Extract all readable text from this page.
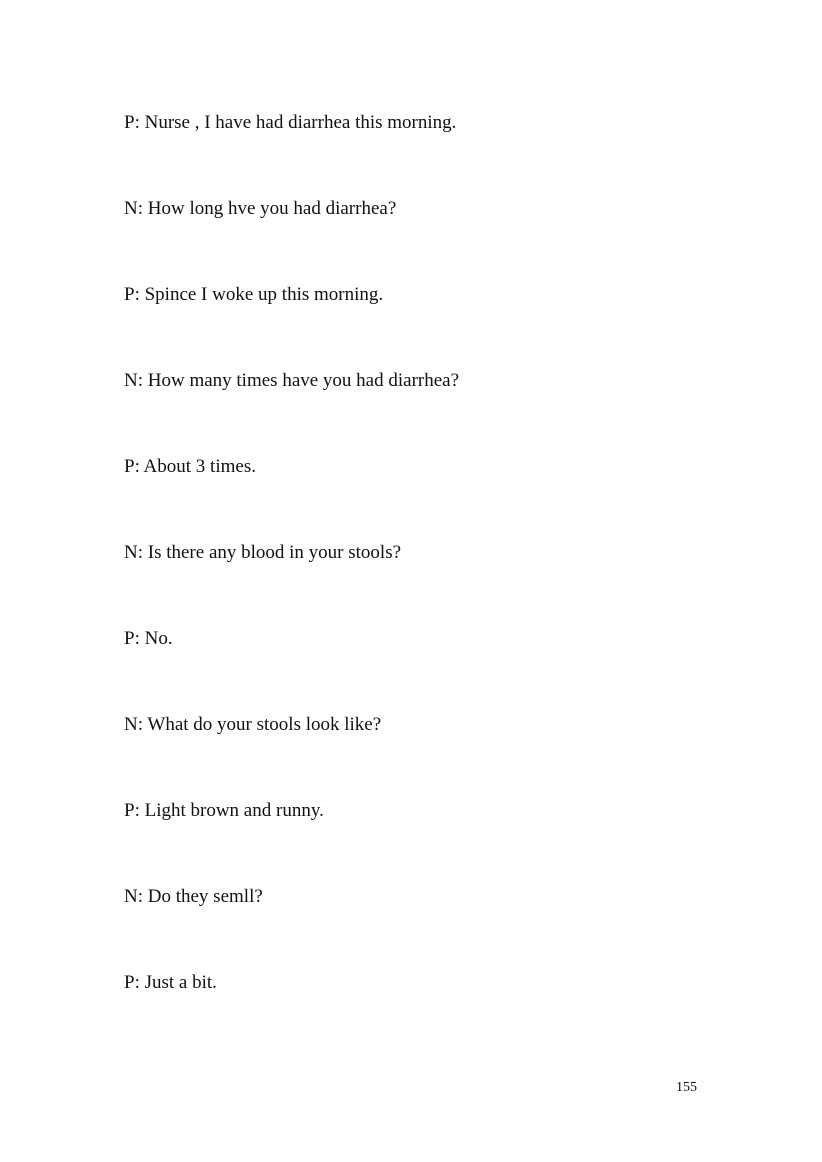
P: Nurse , I have had diarrhea this morning.
N: How long hve you had diarrhea?
P: Spince I woke up this morning.
N: How many times have you had diarrhea?
P: About 3 times.
N: Is there any blood in your stools?
P: No.
N: What do your stools look like?
P: Light brown and runny.
N: Do they semll?
P: Just a bit.
155
